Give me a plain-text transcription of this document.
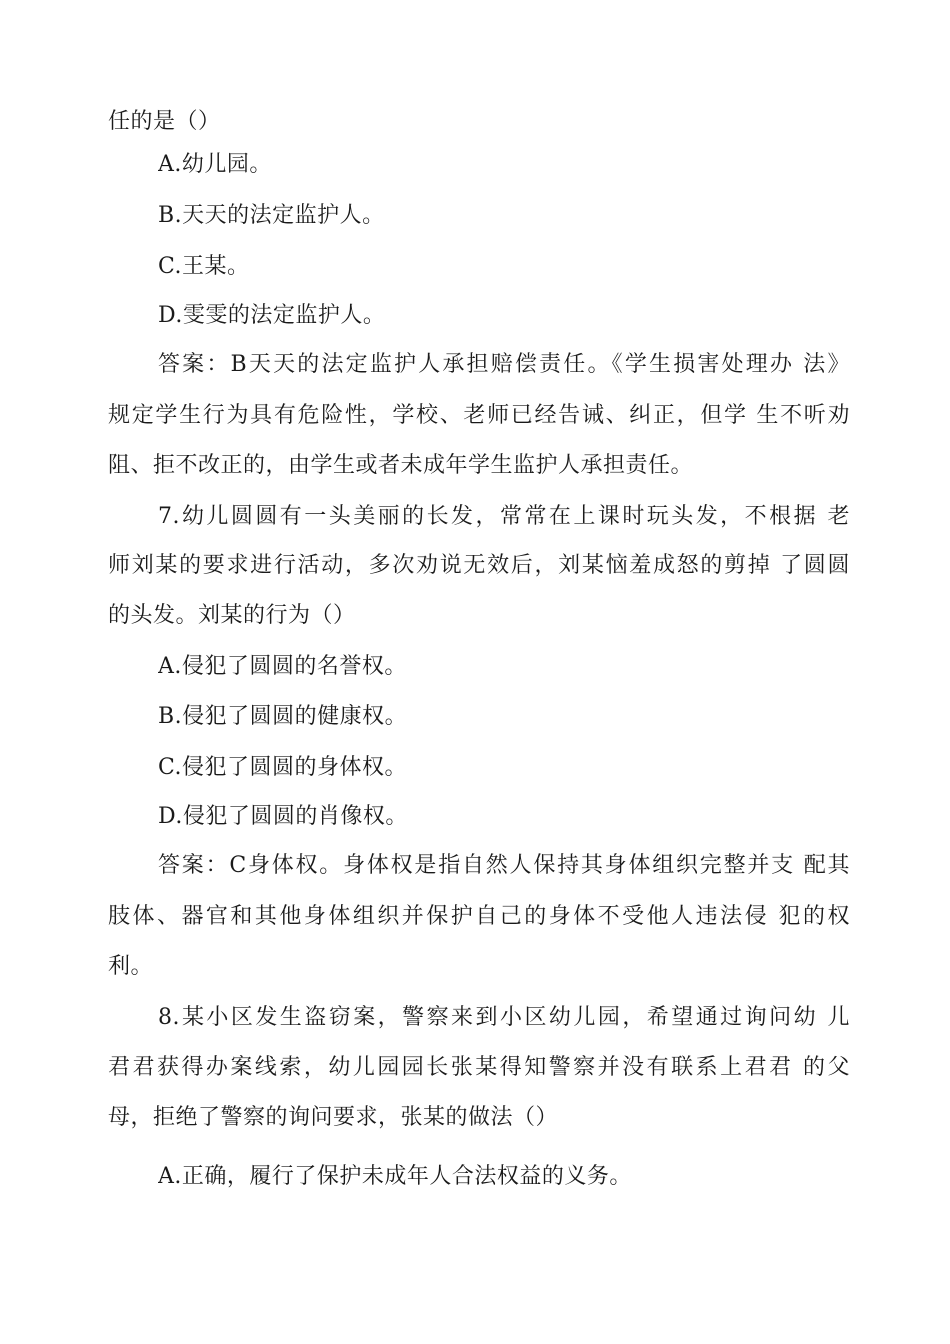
任的是（）
A.幼儿园。
B.天天的法定监护人。
C.王某。
D.雯雯的法定监护人。
答案：B天天的法定监护人承担赔偿责任。《学生损害处理办 法》
规定学生行为具有危险性，学校、老师已经告诫、纠正，但学 生不听劝
阻、拒不改正的，由学生或者未成年学生监护人承担责任。
7.幼儿圆圆有一头美丽的长发，常常在上课时玩头发，不根据 老
师刘某的要求进行活动，多次劝说无效后，刘某恼羞成怒的剪掉 了圆圆
的头发。刘某的行为（）
A.侵犯了圆圆的名誉权。
B.侵犯了圆圆的健康权。
C.侵犯了圆圆的身体权。
D.侵犯了圆圆的肖像权。
答案：C身体权。身体权是指自然人保持其身体组织完整并支 配其
肢体、器官和其他身体组织并保护自己的身体不受他人违法侵 犯的权
利。
8.某小区发生盗窃案，警察来到小区幼儿园，希望通过询问幼 儿
君君获得办案线索，幼儿园园长张某得知警察并没有联系上君君 的父
母，拒绝了警察的询问要求，张某的做法（）
A.正确，履行了保护未成年人合法权益的义务。
